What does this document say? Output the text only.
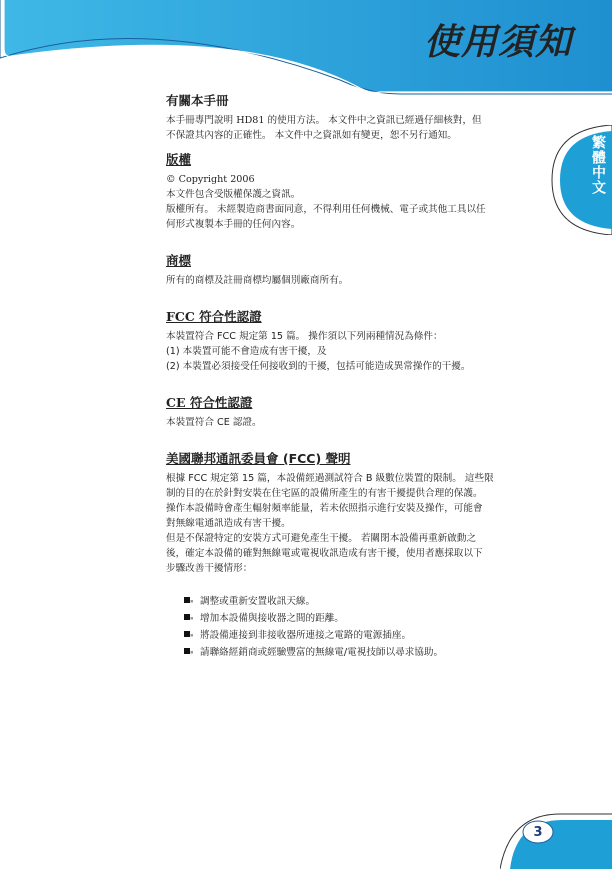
使用須知
繁體中文
有關本手冊

本手冊專門說明 HD81 的使用方法。 本文件中之資訊已經過仔細核對，但

不保證其內容的正確性。 本文件中之資訊如有變更，恕不另行通知。

版權

© Copyright 2006

本文件包含受版權保護之資訊。

版權所有。 未經製造商書面同意，不得利用任何機械、電子或其他工具以任

何形式複製本手冊的任何內容。

商標

所有的商標及註冊商標均屬個別廠商所有。

FCC 符合性認證

本裝置符合 FCC 規定第 15 篇。 操作須以下列兩種情況為條件：

(1) 本裝置可能不會造成有害干擾，及

(2) 本裝置必須接受任何接收到的干擾，包括可能造成異常操作的干擾。

CE 符合性認證

本裝置符合 CE 認證。

美國聯邦通訊委員會 (FCC) 聲明

根據 FCC 規定第 15 篇，本設備經過測試符合 B 級數位裝置的限制。 這些限

制的目的在於針對安裝在住宅區的設備所產生的有害干擾提供合理的保護。

操作本設備時會產生輻射頻率能量，若未依照指示進行安裝及操作，可能會

對無線電通訊造成有害干擾。

但是不保證特定的安裝方式可避免產生干擾。 若關閉本設備再重新啟動之

後，確定本設備的確對無線電或電視收訊造成有害干擾，使用者應採取以下

步驟改善干擾情形：

調整或重新安置收訊天線。
增加本設備與接收器之間的距離。
將設備連接到非接收器所連接之電路的電源插座。
請聯絡經銷商或經驗豐富的無線電/電視技師以尋求協助。
3
